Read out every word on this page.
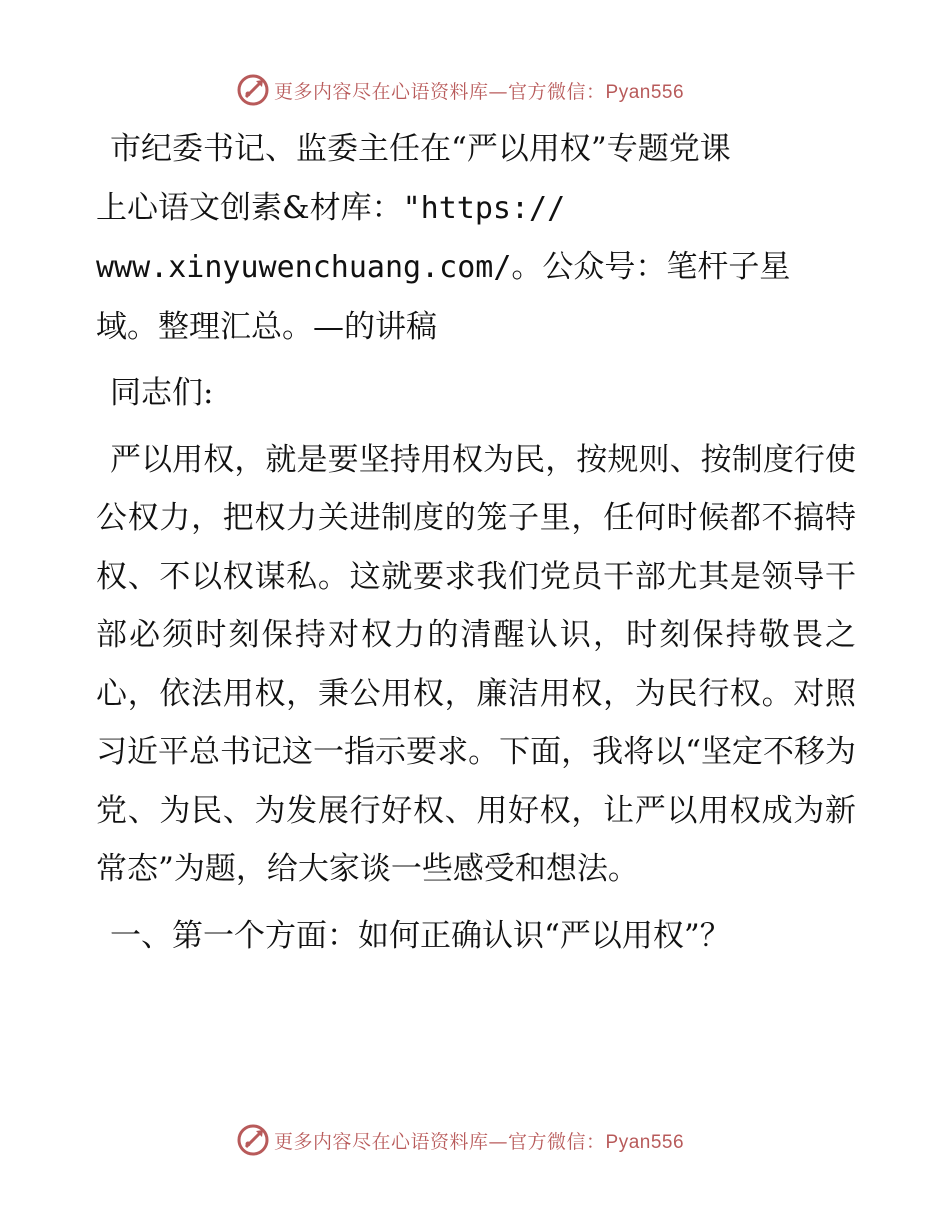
更多内容尽在心语资料库—官方微信：Pyan556

市纪委书记、监委主任在“严以用权”专题党课

上心语文创素&材库："https://

www.xinyuwenchuang.com/。公众号：笔杆子星

域。整理汇总。—的讲稿

同志们:

严以用权，就是要坚持用权为民，按规则、按制度行使公权力，把权力关进制度的笼子里，任何时候都不搞特权、不以权谋私。这就要求我们党员干部尤其是领导干部必须时刻保持对权力的清醒认识，时刻保持敬畏之心，依法用权，秉公用权，廉洁用权，为民行权。对照习近平总书记这一指示要求。下面，我将以“坚定不移为党、为民、为发展行好权、用好权，让严以用权成为新常态”为题，给大家谈一些感受和想法。

一、第一个方面：如何正确认识“严以用权”？

更多内容尽在心语资料库—官方微信：Pyan556
